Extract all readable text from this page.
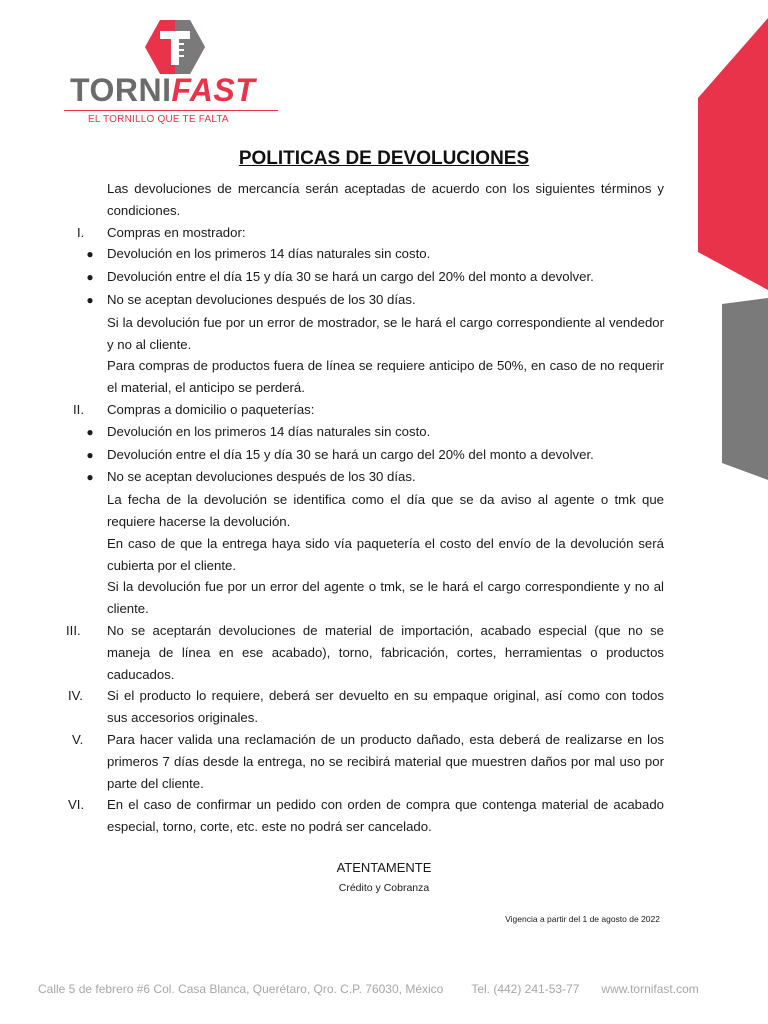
TORNIFAST
EL TORNILLO QUE TE FALTA
POLITICAS DE DEVOLUCIONES
Las devoluciones de mercancía serán aceptadas de acuerdo con los siguientes términos y condiciones.
I.	Compras en mostrador:
●	Devolución en los primeros 14 días naturales sin costo.
●	Devolución entre el día 15 y día 30 se hará un cargo del 20% del monto a devolver.
●	No se aceptan devoluciones después de los 30 días.
Si la devolución fue por un error de mostrador, se le hará el cargo correspondiente al vendedor y no al cliente.
Para compras de productos fuera de línea se requiere anticipo de 50%, en caso de no requerir el material, el anticipo se perderá.
II.	Compras a domicilio o paqueterías:
●	Devolución en los primeros 14 días naturales sin costo.
●	Devolución entre el día 15 y día 30 se hará un cargo del 20% del monto a devolver.
●	No se aceptan devoluciones después de los 30 días.
La fecha de la devolución se identifica como el día que se da aviso al agente o tmk que requiere hacerse la devolución.
En caso de que la entrega haya sido vía paquetería el costo del envío de la devolución será cubierta por el cliente.
Si la devolución fue por un error del agente o tmk, se le hará el cargo correspondiente y no al cliente.
III.	No se aceptarán devoluciones de material de importación, acabado especial (que no se maneja de línea en ese acabado), torno, fabricación, cortes, herramientas o productos caducados.
IV.	Si el producto lo requiere, deberá ser devuelto en su empaque original, así como con todos sus accesorios originales.
V.	Para hacer valida una reclamación de un producto dañado, esta deberá de realizarse en los primeros 7 días desde la entrega, no se recibirá material que muestren daños por mal uso por parte del cliente.
VI.	En el caso de confirmar un pedido con orden de compra que contenga material de acabado especial, torno, corte, etc. este no podrá ser cancelado.
ATENTAMENTE
Crédito y Cobranza
Vigencia a partir del 1 de agosto de 2022
Calle 5 de febrero #6 Col. Casa Blanca, Querétaro, Qro. C.P. 76030, México Tel. (442) 241-53-77 www.tornifast.com
